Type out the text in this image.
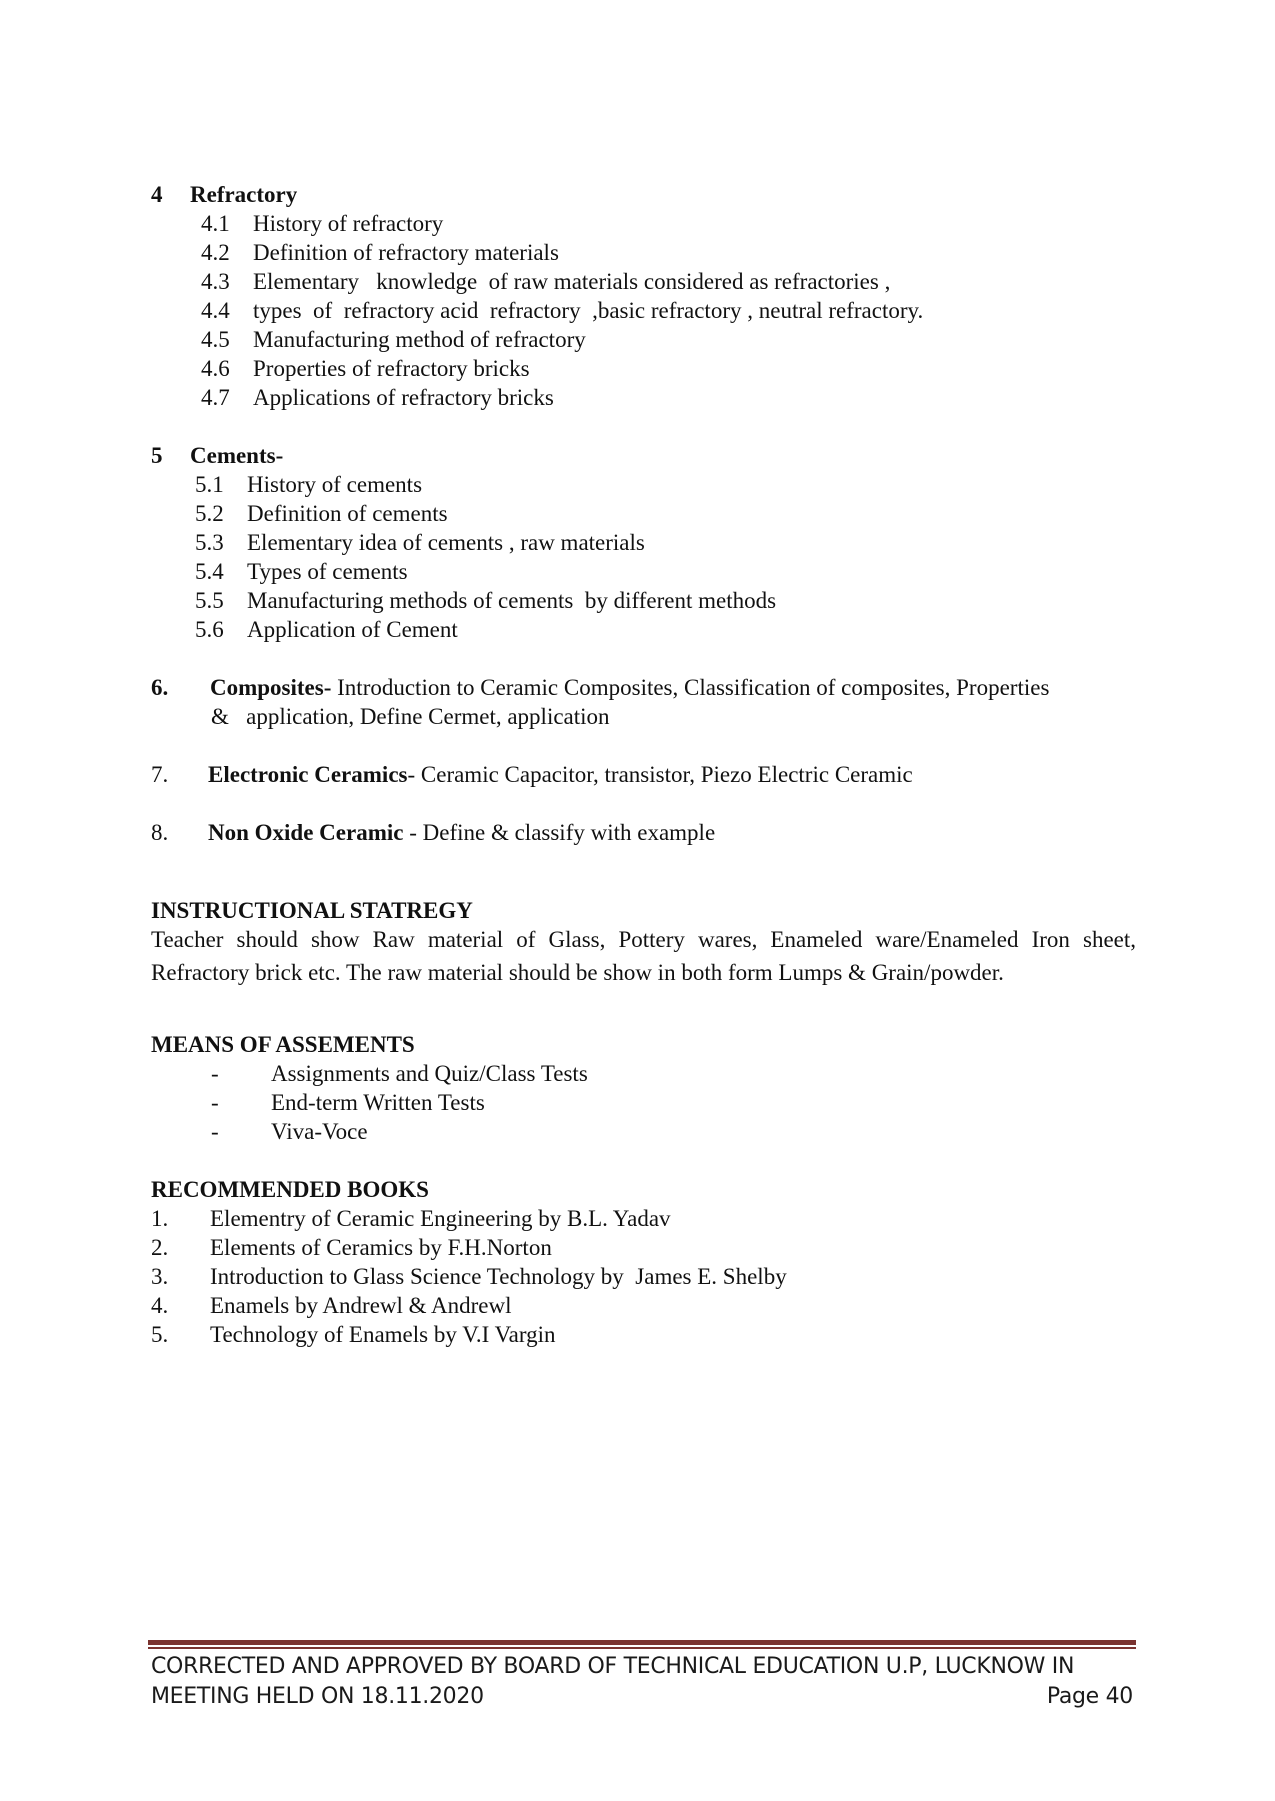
4	Refractory
4.1	History of refractory
4.2	Definition of refractory materials
4.3	Elementary   knowledge  of raw materials considered as refractories ,
4.4	types  of  refractory acid  refractory  ,basic refractory , neutral refractory.
4.5	Manufacturing method of refractory
4.6	Properties of refractory bricks
4.7	Applications of refractory bricks
5	Cements-
5.1	History of cements
5.2	Definition of cements
5.3	Elementary idea of cements , raw materials
5.4	Types of cements
5.5	Manufacturing methods of cements  by different methods
5.6	Application of Cement
6.	Composites- Introduction to Ceramic Composites, Classification of composites, Properties
&   application, Define Cermet, application
7.	Electronic Ceramics- Ceramic Capacitor, transistor, Piezo Electric Ceramic
8.	Non Oxide Ceramic - Define & classify with example
INSTRUCTIONAL STATREGY
Teacher should show Raw material of Glass, Pottery wares, Enameled ware/Enameled Iron sheet, Refractory brick etc. The raw material should be show in both form Lumps & Grain/powder.
MEANS OF ASSEMENTS
-	Assignments and Quiz/Class Tests
-	End-term Written Tests
-	Viva-Voce
RECOMMENDED BOOKS
1.	Elementry of Ceramic Engineering by B.L. Yadav
2.	Elements of Ceramics by F.H.Norton
3.	Introduction to Glass Science Technology by  James E. Shelby
4.	Enamels by Andrewl & Andrewl
5.	Technology of Enamels by V.I Vargin
CORRECTED AND APPROVED BY BOARD OF TECHNICAL EDUCATION U.P, LUCKNOW IN
MEETING HELD ON 18.11.2020	Page 40
